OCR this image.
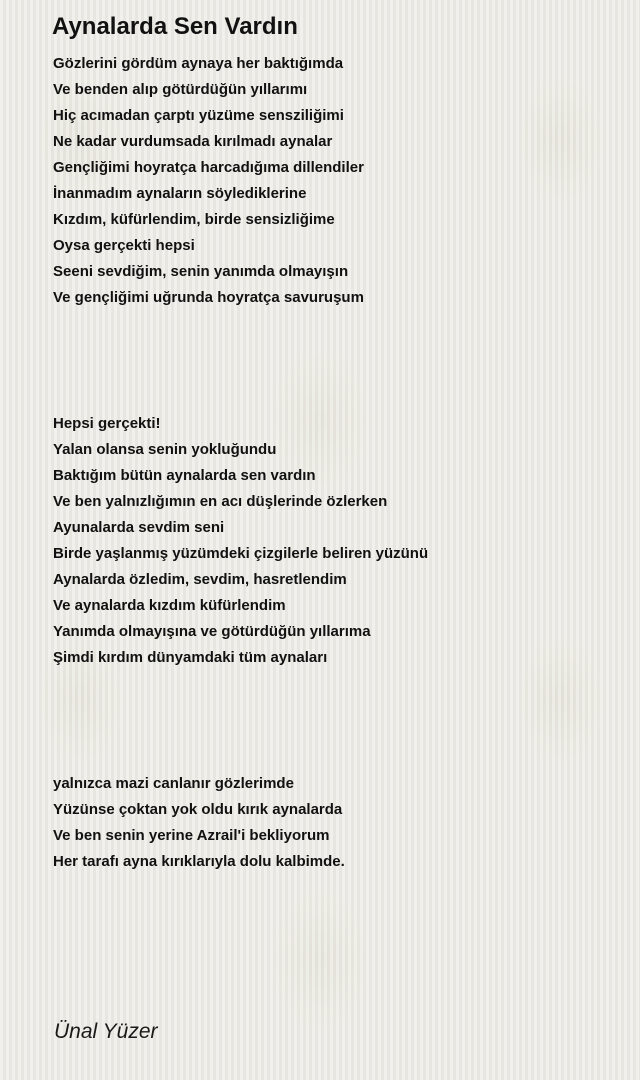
Aynalarda Sen Vardın
Gözlerini gördüm aynaya her baktığımda
Ve benden alıp götürdüğün yıllarımı
Hiç acımadan çarptı yüzüme sensziliğimi
Ne kadar vurdumsada kırılmadı aynalar
Gençliğimi hoyratça harcadığıma dillendiler
İnanmadım aynaların söylediklerine
Kızdım, küfürlendim, birde sensizliğime
Oysa gerçekti hepsi
Seeni sevdiğim, senin yanımda olmayışın
Ve gençliğimi uğrunda hoyratça savuruşum
Hepsi gerçekti!
Yalan olansa senin yokluğundu
Baktığım bütün aynalarda sen vardın
Ve ben yalnızlığımın en acı düşlerinde özlerken
Ayunalarda sevdim seni
Birde yaşlanmış yüzümdeki çizgilerle beliren yüzünü
Aynalarda özledim, sevdim, hasretlendim
Ve aynalarda kızdım küfürlendim
Yanımda olmayışına ve götürdüğün yıllarıma
Şimdi kırdım dünyamdaki tüm aynaları
yalnızca mazi canlanır gözlerimde
Yüzünse çoktan yok oldu kırık aynalarda
Ve ben senin yerine Azrail'i bekliyorum
Her tarafı ayna kırıklarıyla dolu kalbimde.

Ünal Yüzer
